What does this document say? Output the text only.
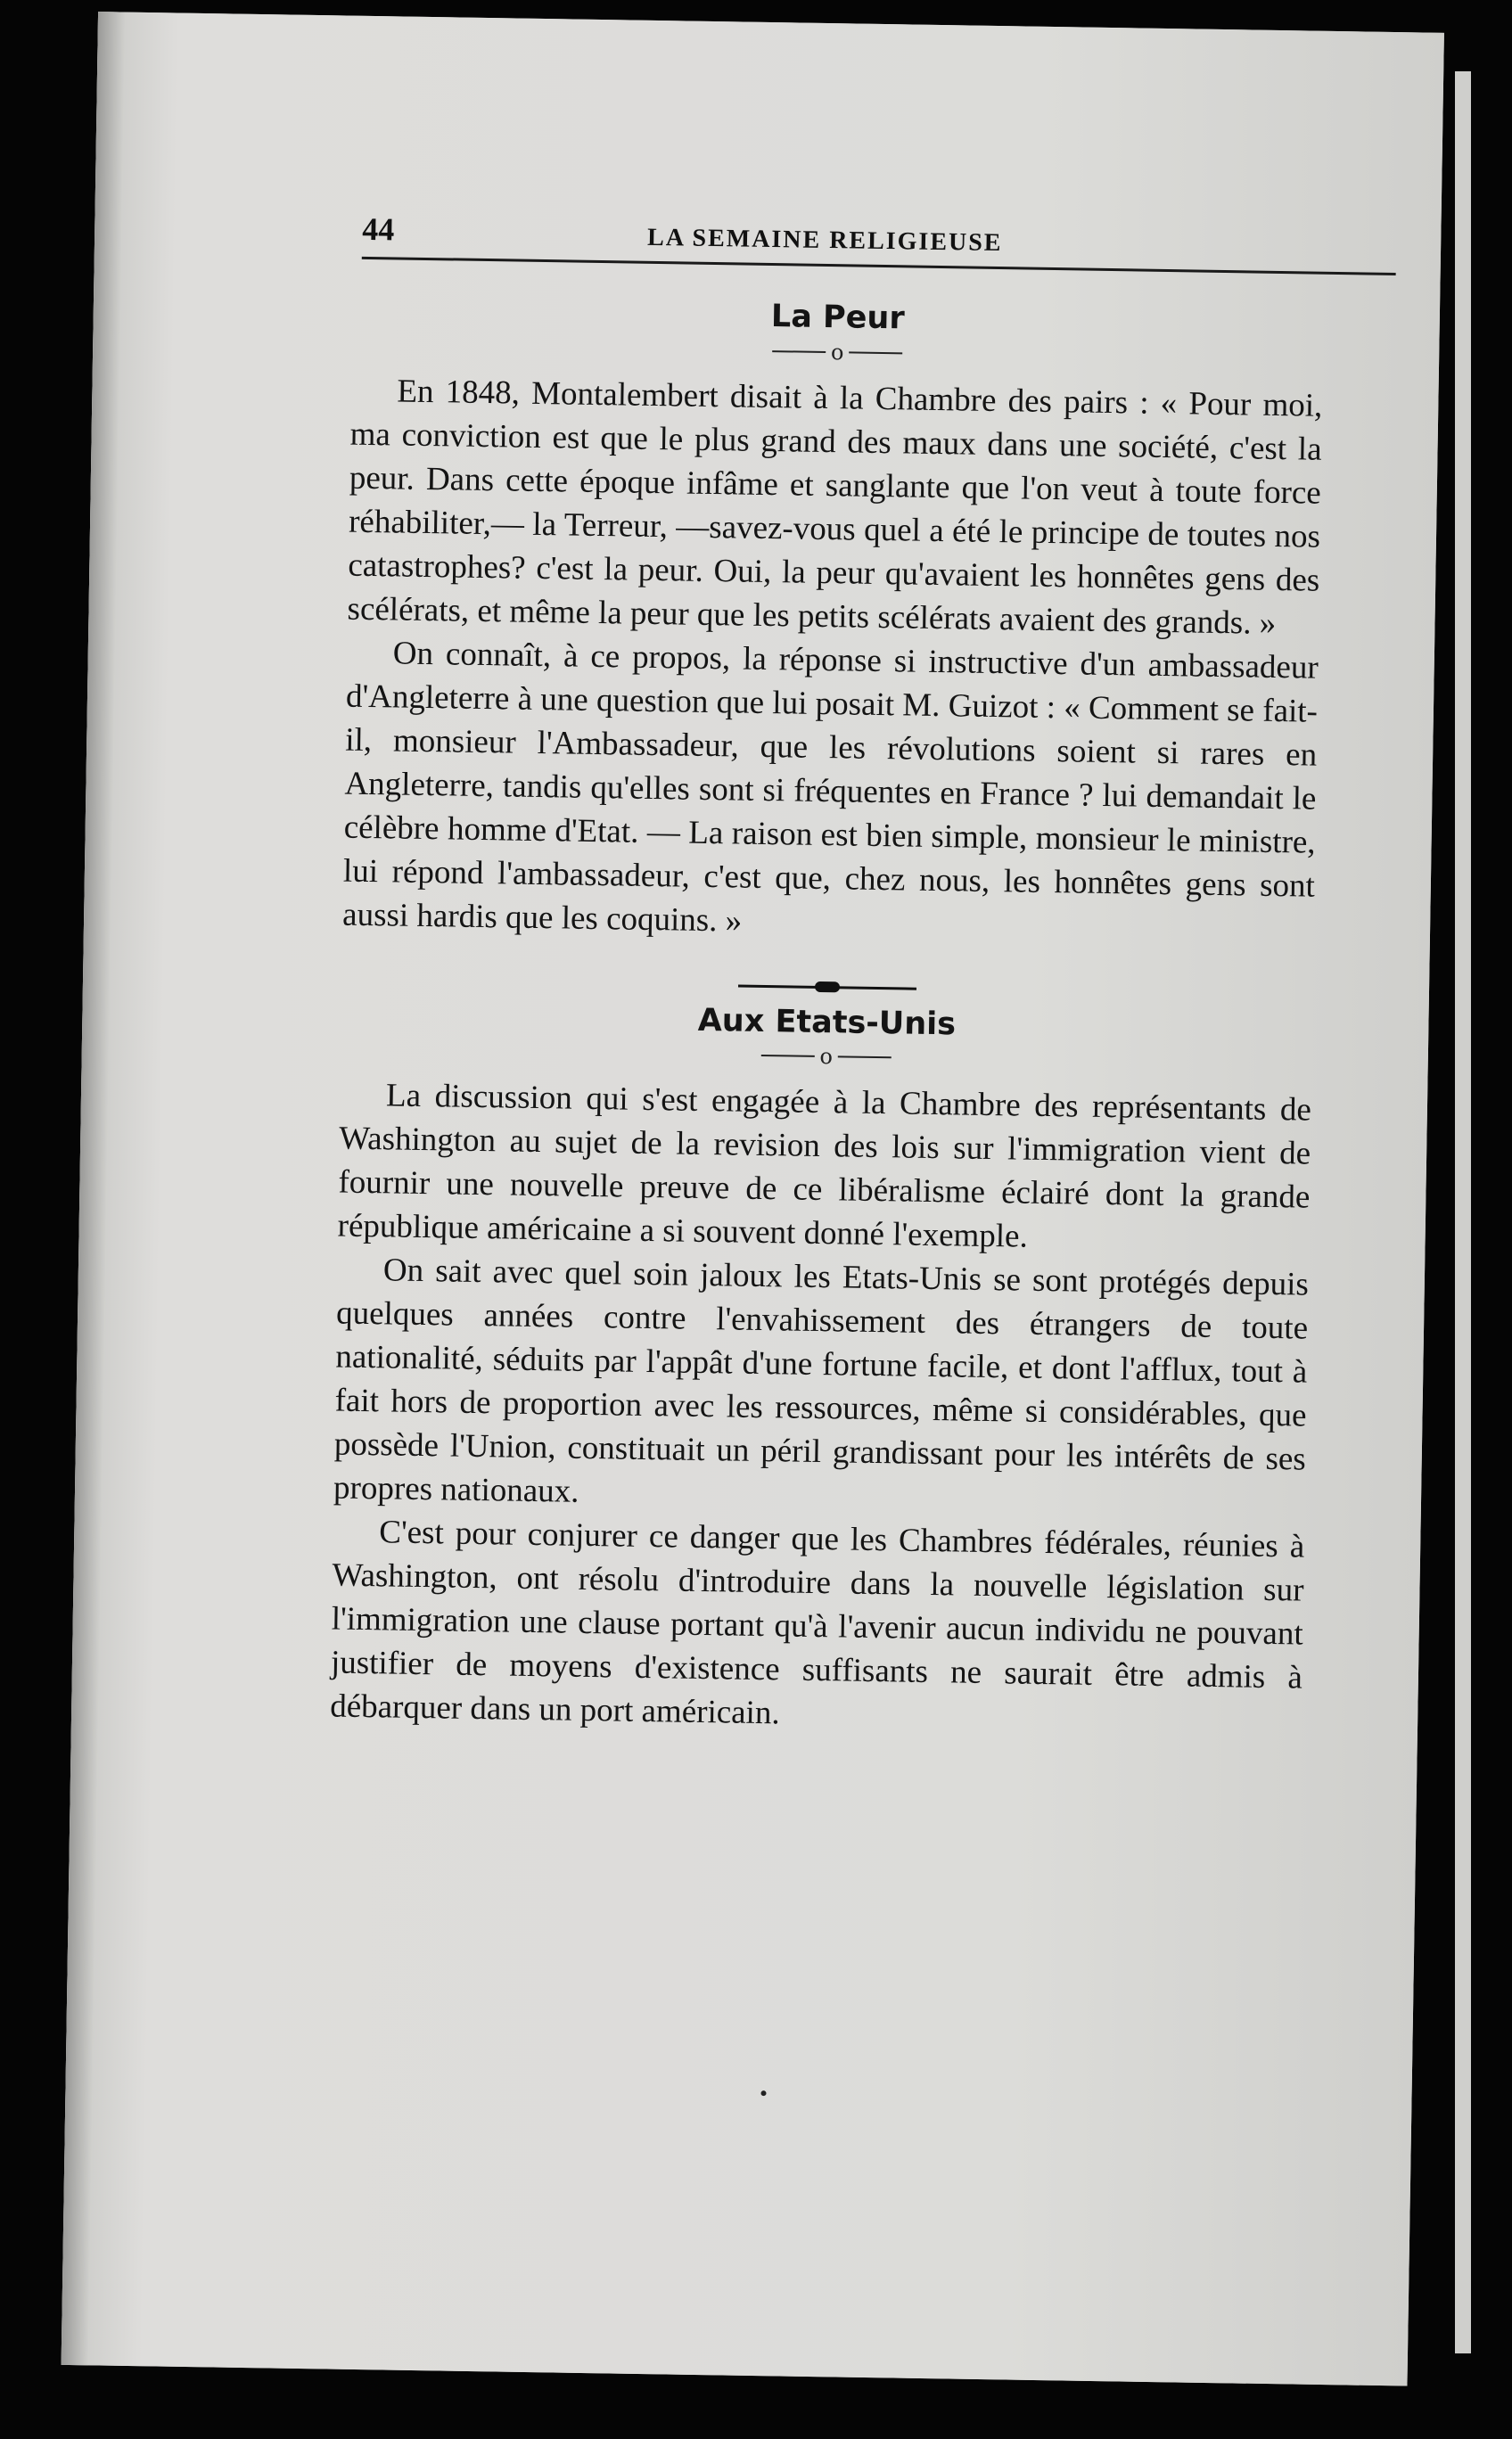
44	LA SEMAINE RELIGIEUSE
La Peur
o

En 1848, Montalembert disait à la Chambre des pairs : « Pour moi, ma conviction est que le plus grand des maux dans une société, c'est la peur. Dans cette époque infâme et sanglante que l'on veut à toute force réhabiliter,— la Terreur, —savez-vous quel a été le principe de toutes nos catastrophes? c'est la peur. Oui, la peur qu'avaient les honnêtes gens des scélérats, et même la peur que les petits scélérats avaient des grands. »

On connaît, à ce propos, la réponse si instructive d'un ambassadeur d'Angleterre à une question que lui posait M. Guizot : « Comment se fait-il, monsieur l'Ambassadeur, que les révolutions soient si rares en Angleterre, tandis qu'elles sont si fréquentes en France ? lui demandait le célèbre homme d'Etat. — La raison est bien simple, monsieur le ministre, lui répond l'ambassadeur, c'est que, chez nous, les honnêtes gens sont aussi hardis que les coquins. »

Aux Etats-Unis
o

La discussion qui s'est engagée à la Chambre des représentants de Washington au sujet de la revision des lois sur l'immigration vient de fournir une nouvelle preuve de ce libéralisme éclairé dont la grande république américaine a si souvent donné l'exemple.

On sait avec quel soin jaloux les Etats-Unis se sont protégés depuis quelques années contre l'envahissement des étrangers de toute nationalité, séduits par l'appât d'une fortune facile, et dont l'afflux, tout à fait hors de proportion avec les ressources, même si considérables, que possède l'Union, constituait un péril grandissant pour les intérêts de ses propres nationaux.

C'est pour conjurer ce danger que les Chambres fédérales, réunies à Washington, ont résolu d'introduire dans la nouvelle législation sur l'immigration une clause portant qu'à l'avenir aucun individu ne pouvant justifier de moyens d'existence suffisants ne saurait être admis à débarquer dans un port américain.
